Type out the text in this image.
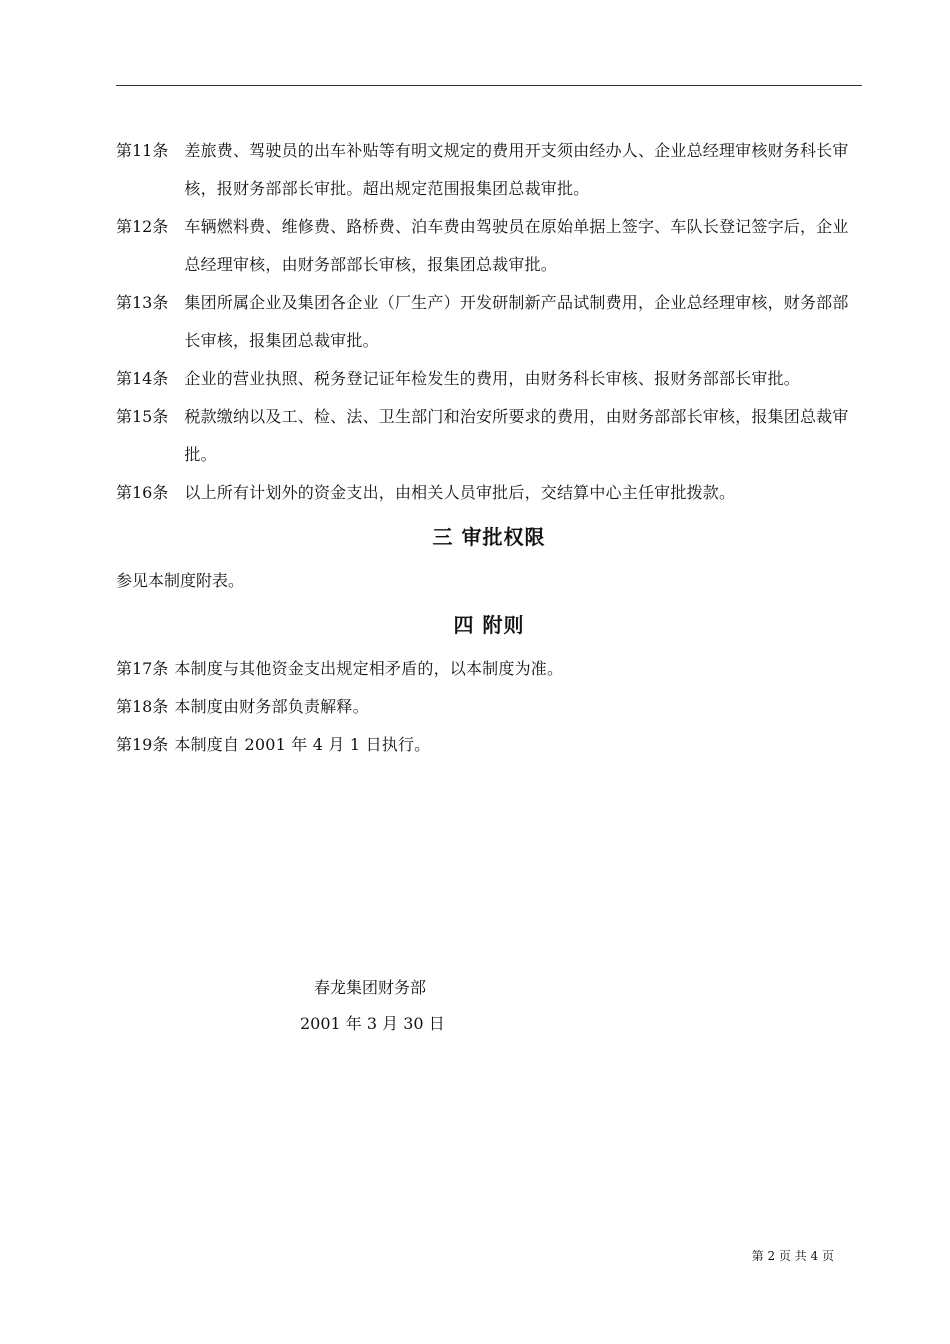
第11条	差旅费、驾驶员的出车补贴等有明文规定的费用开支须由经办人、企业总经理审核财务科长审核，报财务部部长审批。超出规定范围报集团总裁审批。
第12条	车辆燃料费、维修费、路桥费、泊车费由驾驶员在原始单据上签字、车队长登记签字后，企业总经理审核，由财务部部长审核，报集团总裁审批。
第13条	集团所属企业及集团各企业（厂生产）开发研制新产品试制费用，企业总经理审核，财务部部长审核，报集团总裁审批。
第14条	企业的营业执照、税务登记证年检发生的费用，由财务科长审核、报财务部部长审批。
第15条	税款缴纳以及工、检、法、卫生部门和治安所要求的费用，由财务部部长审核，报集团总裁审批。
第16条	以上所有计划外的资金支出，由相关人员审批后，交结算中心主任审批拨款。
三 审批权限

参见本制度附表。

四 附则
第17条 本制度与其他资金支出规定相矛盾的，以本制度为准。
第18条 本制度由财务部负责解释。
第19条 本制度自 2001 年 4 月 1 日执行。
春龙集团财务部
2001 年 3 月 30 日
第 2 页 共 4 页
